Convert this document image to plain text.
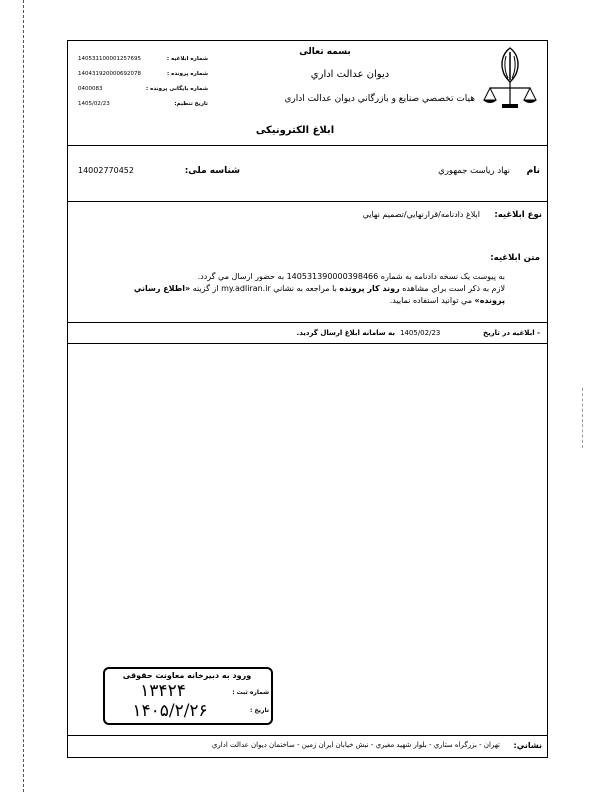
بسمه تعالی
دیوان عدالت اداري
هیات تخصصي صنایع و بازرگاني دیوان عدالت اداري
140531100001257695	شماره ابلاغیه :
140431920000692078	شماره پرونده :
0400083	شماره بایگانی پرونده :
1405/02/23	تاریخ تنظیم:
ابلاغ الکترونیکی
نام
نهاد ریاست جمهوري
شناسه ملی:
14002770452
نوع ابلاغیه:
ابلاغ دادنامه/قرارنهایي/تصمیم نهایي
متن ابلاغیه:
به پیوست یک نسخه دادنامه به شماره 140531390000398466 به حضور ارسال مي گردد.
لازم به ذکر است براي مشاهده روند کار پرونده با مراجعه به نشاني my.adliran.ir از گزینه «اطلاع رساني
پرونده» مي توانید استفاده نمایید.
- ابلاغیه در تاریخ
1405/02/23
به سامانه ابلاغ ارسال گردید.
ورود به دبیرخانه معاونت حقوقی
شماره ثبت :
۱۳۴۲۴
تاریخ :
۱۴۰۵/۲/۲۶
نشاني:
تهران - بزرگراه ستاري - بلوار شهید مغیري - نبش خیابان ایران زمین - ساختمان دیوان عدالت اداري
